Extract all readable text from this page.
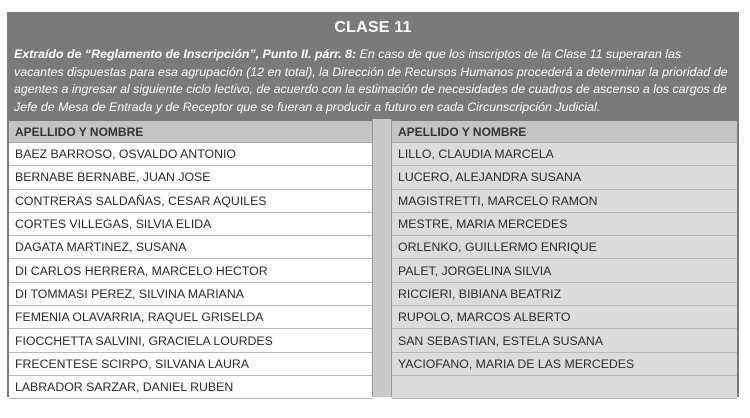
CLASE 11
Extraído de “Reglamento de Inscripción”, Punto II. párr. 8: En caso de que los inscriptos de la Clase 11 superaran las vacantes dispuestas para esa agrupación (12 en total), la Dirección de Recursos Humanos procederá a determinar la prioridad de agentes a ingresar al siguiente ciclo lectivo, de acuerdo con la estimación de necesidades de cuadros de ascenso a los cargos de Jefe de Mesa de Entrada y de Receptor que se fueran a producir a futuro en cada Circunscripción Judicial.
APELLIDO Y NOMBRE
BAEZ BARROSO, OSVALDO ANTONIO
BERNABE BERNABE, JUAN JOSE
CONTRERAS SALDAÑAS, CESAR AQUILES
CORTES VILLEGAS, SILVIA ELIDA
DAGATA MARTINEZ, SUSANA
DI CARLOS HERRERA, MARCELO HECTOR
DI TOMMASI PEREZ, SILVINA MARIANA
FEMENIA OLAVARRIA, RAQUEL GRISELDA
FIOCCHETTA SALVINI, GRACIELA LOURDES
FRECENTESE SCIRPO, SILVANA LAURA
LABRADOR SARZAR, DANIEL RUBEN
APELLIDO Y NOMBRE
LILLO, CLAUDIA MARCELA
LUCERO, ALEJANDRA SUSANA
MAGISTRETTI, MARCELO RAMON
MESTRE, MARIA MERCEDES
ORLENKO, GUILLERMO ENRIQUE
PALET, JORGELINA SILVIA
RICCIERI, BIBIANA BEATRIZ
RUPOLO, MARCOS ALBERTO
SAN SEBASTIAN, ESTELA SUSANA
YACIOFANO, MARIA DE LAS MERCEDES
